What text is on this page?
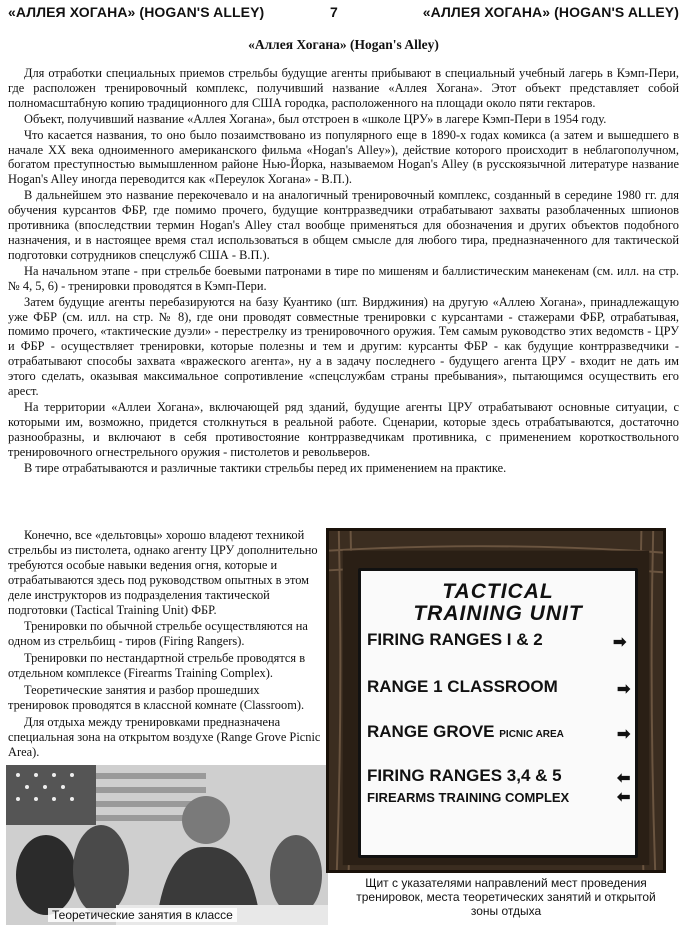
«АЛЛЕЯ ХОГАНА» (HOGAN'S ALLEY)	7	«АЛЛЕЯ ХОГАНА» (HOGAN'S ALLEY)
«Аллея Хогана» (Hogan's Alley)

Для отработки специальных приемов стрельбы будущие агенты прибывают в специальный учебный лагерь в Кэмп-Пери, где расположен тренировочный комплекс, получивший название «Аллея Хогана». Этот объект представляет собой полномасштабную копию традиционного для США городка, расположенного на площади около пяти гектаров.

Объект, получивший название «Аллея Хогана», был отстроен в «школе ЦРУ» в лагере Кэмп-Пери в 1954 году.

Что касается названия, то оно было позаимствовано из популярного еще в 1890-х годах комикса (а затем и вышедшего в начале XX века одноименного американского фильма «Hogan's Alley»), действие которого происходит в неблагополучном, богатом преступностью вымышленном районе Нью-Йорка, называемом Hogan's Alley (в русскоязычной литературе название Hogan's Alley иногда переводится как «Переулок Хогана» - В.П.).

В дальнейшем это название перекочевало и на аналогичный тренировочный комплекс, созданный в середине 1980 гг. для обучения курсантов ФБР, где помимо прочего, будущие контрразведчики отрабатывают захваты разоблаченных шпионов противника (впоследствии термин Hogan's Alley стал вообще применяться для обозначения и других объектов подобного назначения, и в настоящее время стал использоваться в общем смысле для любого тира, предназначенного для тактической подготовки сотрудников спецслужб США - В.П.).

На начальном этапе - при стрельбе боевыми патронами в тире по мишеням и баллистическим манекенам (см. илл. на стр. № 4, 5, 6) - тренировки проводятся в Кэмп-Пери.

Затем будущие агенты перебазируются на базу Куантико (шт. Вирджиния) на другую «Аллею Хогана», принадлежащую уже ФБР (см. илл. на стр. № 8), где они проводят совместные тренировки с курсантами - стажерами ФБР, отрабатывая, помимо прочего, «тактические дуэли» - перестрелку из тренировочного оружия. Тем самым руководство этих ведомств - ЦРУ и ФБР - осуществляет тренировки, которые полезны и тем и другим: курсанты ФБР - как будущие контрразведчики - отрабатывают способы захвата «вражеского агента», ну а в задачу последнего - будущего агента ЦРУ - входит не дать им этого сделать, оказывая максимальное сопротивление «спецслужбам страны пребывания», пытающимся осуществить его арест.

На территории «Аллеи Хогана», включающей ряд зданий, будущие агенты ЦРУ отрабатывают основные ситуации, с которыми им, возможно, придется столкнуться в реальной работе. Сценарии, которые здесь отрабатываются, достаточно разнообразны, и включают в себя противостояние контрразведчикам противника, с применением короткоствольного тренировочного огнестрельного оружия - пистолетов и револьверов.

В тире отрабатываются и различные тактики стрельбы перед их применением на практике.

Конечно, все «дельтовцы» хорошо владеют техникой стрельбы из пистолета, однако агенту ЦРУ дополнительно требуются особые навыки ведения огня, которые и отрабатываются здесь под руководством опытных в этом деле инструкторов из подразделения тактической подготовки (Tactical Training Unit) ФБР.

Тренировки по обычной стрельбе осуществляются на одном из стрельбищ - тиров (Firing Rangers).

Тренировки по нестандартной стрельбе проводятся в отдельном комплексе (Firearms Training Complex).

Теоретические занятия и разбор прошедших тренировок проводятся в классной комнате (Classroom).

Для отдыха между тренировками предназначена специальная зона на открытом воздухе (Range Grove Picnic Area).

Теоретические занятия в классе
TACTICAL
TRAINING UNIT
FIRING RANGES I & 2	➡
RANGE 1 CLASSROOM	➡
RANGE GROVE PICNIC AREA	➡
FIRING RANGES 3,4 & 5	⬅
FIREARMS TRAINING COMPLEX	⬅
Щит с указателями направлений мест проведения тренировок, места теоретических занятий и открытой зоны отдыха
